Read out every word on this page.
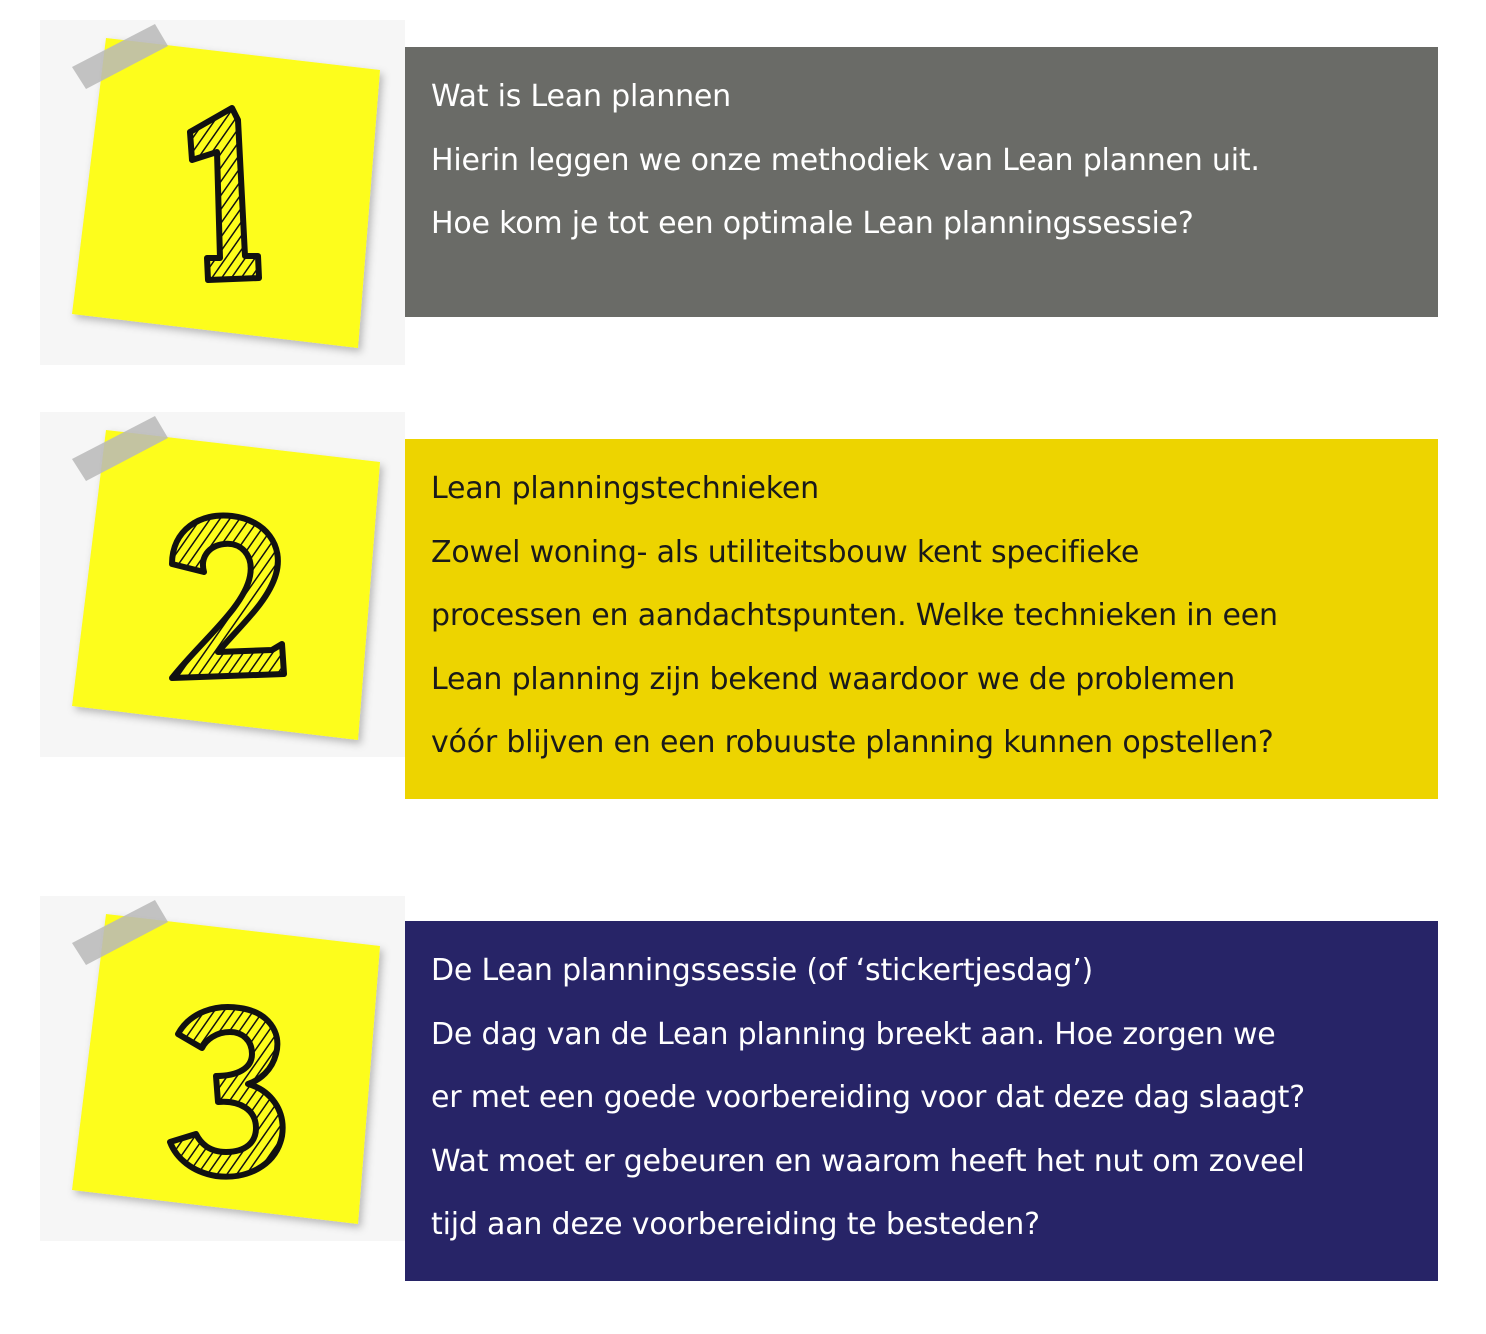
Wat is Lean plannen
Hierin leggen we onze methodiek van Lean plannen uit.
Hoe kom je tot een optimale Lean planningssessie?
Lean planningstechnieken
Zowel woning- als utiliteitsbouw kent specifieke
processen en aandachtspunten. Welke technieken in een
Lean planning zijn bekend waardoor we de problemen
vóór blijven en een robuuste planning kunnen opstellen?
De Lean planningssessie (of ‘stickertjesdag’)
De dag van de Lean planning breekt aan. Hoe zorgen we
er met een goede voorbereiding voor dat deze dag slaagt?
Wat moet er gebeuren en waarom heeft het nut om zoveel
tijd aan deze voorbereiding te besteden?
